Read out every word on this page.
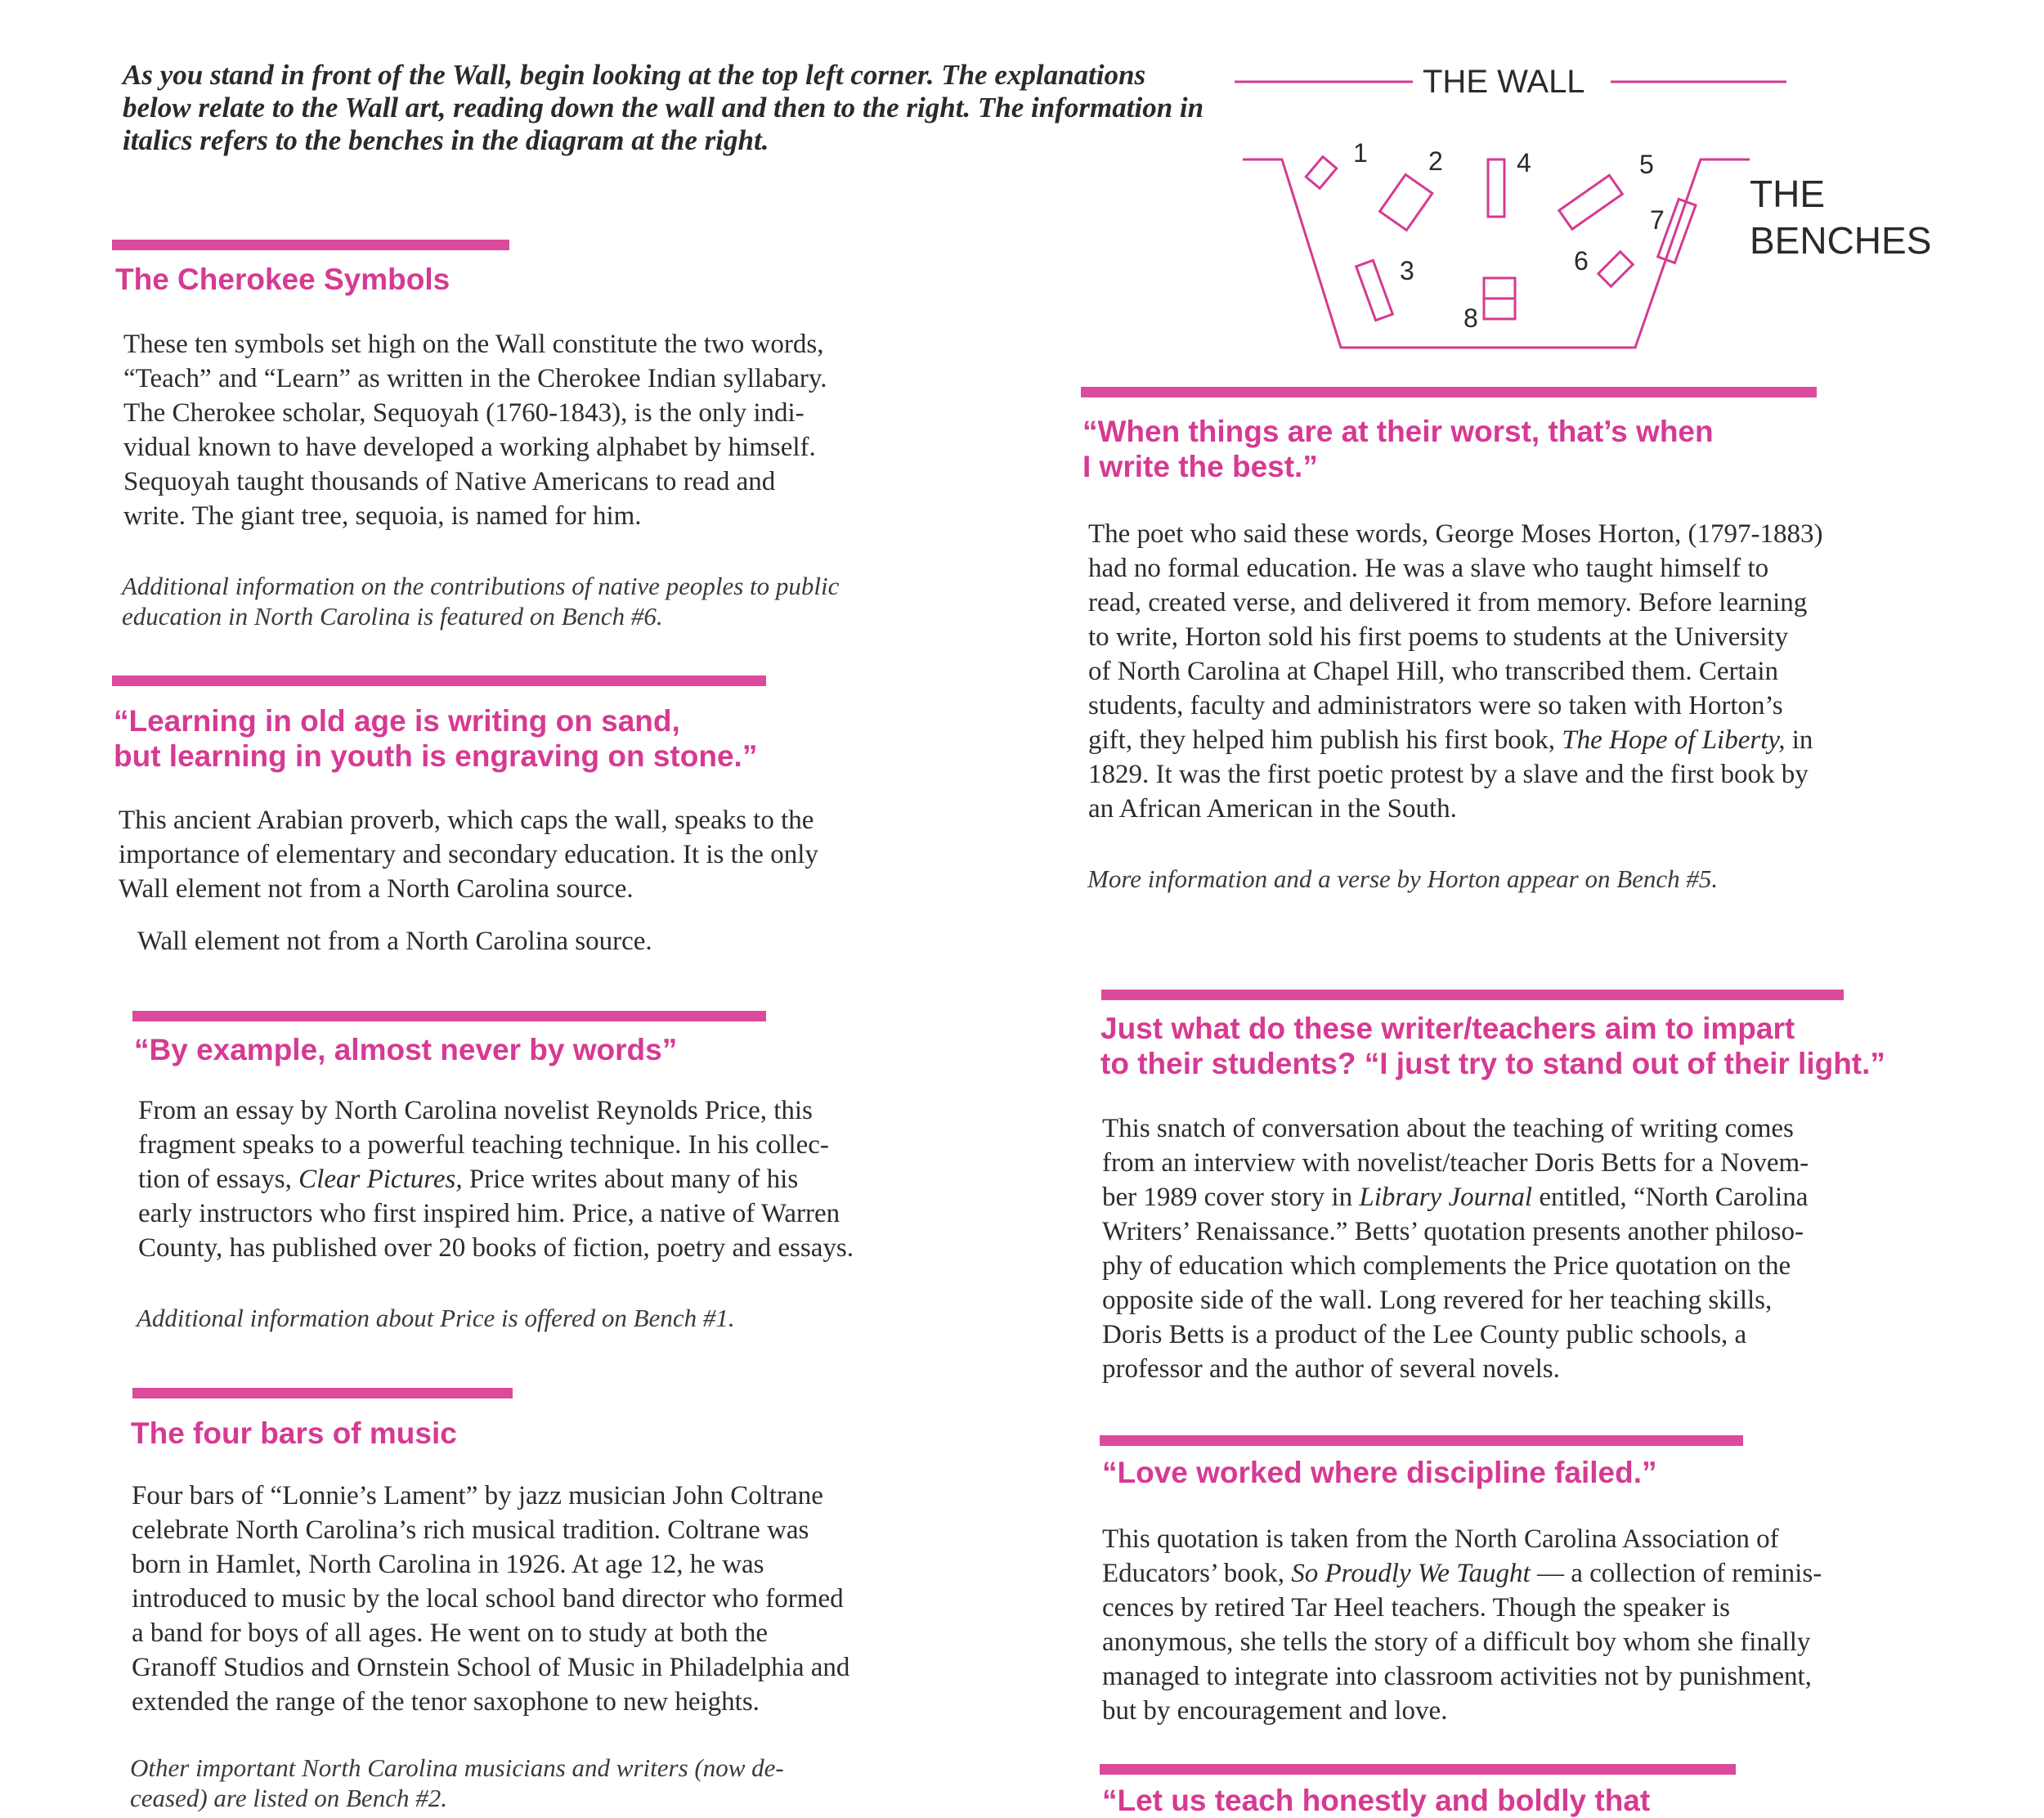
As you stand in front of the Wall, begin looking at the top left corner. The explanations below relate to the Wall art, reading down the wall and then to the right. The information in italics refers to the benches in the diagram at the right.
THE WALL
1 2
3
4	5
6
7
8
THE
BENCHES
The Cherokee Symbols
These ten symbols set high on the Wall constitute the two words,
“Teach” and “Learn” as written in the Cherokee Indian syllabary.
The Cherokee scholar, Sequoyah (1760-1843), is the only indi-
vidual known to have developed a working alphabet by himself.
Sequoyah taught thousands of Native Americans to read and
write. The giant tree, sequoia, is named for him.
Additional information on the contributions of native peoples to public
education in North Carolina is featured on Bench #6.
“Learning in old age is writing on sand,
but learning in youth is engraving on stone.”
This ancient Arabian proverb, which caps the wall, speaks to the
importance of elementary and secondary education. It is the only
Wall element not from a North Carolina source.
Wall element not from a North Carolina source.
“By example, almost never by words”
From an essay by North Carolina novelist Reynolds Price, this
fragment speaks to a powerful teaching technique. In his collec-
tion of essays, Clear Pictures, Price writes about many of his
early instructors who first inspired him. Price, a native of Warren
County, has published over 20 books of fiction, poetry and essays.
Additional information about Price is offered on Bench #1.
The four bars of music
Four bars of “Lonnie’s Lament” by jazz musician John Coltrane
celebrate North Carolina’s rich musical tradition. Coltrane was
born in Hamlet, North Carolina in 1926. At age 12, he was
introduced to music by the local school band director who formed
a band for boys of all ages. He went on to study at both the
Granoff Studios and Ornstein School of Music in Philadelphia and
extended the range of the tenor saxophone to new heights.
Other important North Carolina musicians and writers (now de-
ceased) are listed on Bench #2.
“When things are at their worst, that’s when
I write the best.”
The poet who said these words, George Moses Horton, (1797-1883)
had no formal education. He was a slave who taught himself to
read, created verse, and delivered it from memory. Before learning
to write, Horton sold his first poems to students at the University
of North Carolina at Chapel Hill, who transcribed them. Certain
students, faculty and administrators were so taken with Horton’s
gift, they helped him publish his first book, The Hope of Liberty, in
1829. It was the first poetic protest by a slave and the first book by
an African American in the South.
More information and a verse by Horton appear on Bench #5.
Just what do these writer/teachers aim to impart
to their students? “I just try to stand out of their light.”
This snatch of conversation about the teaching of writing comes
from an interview with novelist/teacher Doris Betts for a Novem-
ber 1989 cover story in Library Journal entitled, “North Carolina
Writers’ Renaissance.” Betts’ quotation presents another philoso-
phy of education which complements the Price quotation on the
opposite side of the wall. Long revered for her teaching skills,
Doris Betts is a product of the Lee County public schools, a
professor and the author of several novels.
“Love worked where discipline failed.”
This quotation is taken from the North Carolina Association of
Educators’ book, So Proudly We Taught — a collection of reminis-
cences by retired Tar Heel teachers. Though the speaker is
anonymous, she tells the story of a difficult boy whom she finally
managed to integrate into classroom activities not by punishment,
but by encouragement and love.
“Let us teach honestly and boldly that
